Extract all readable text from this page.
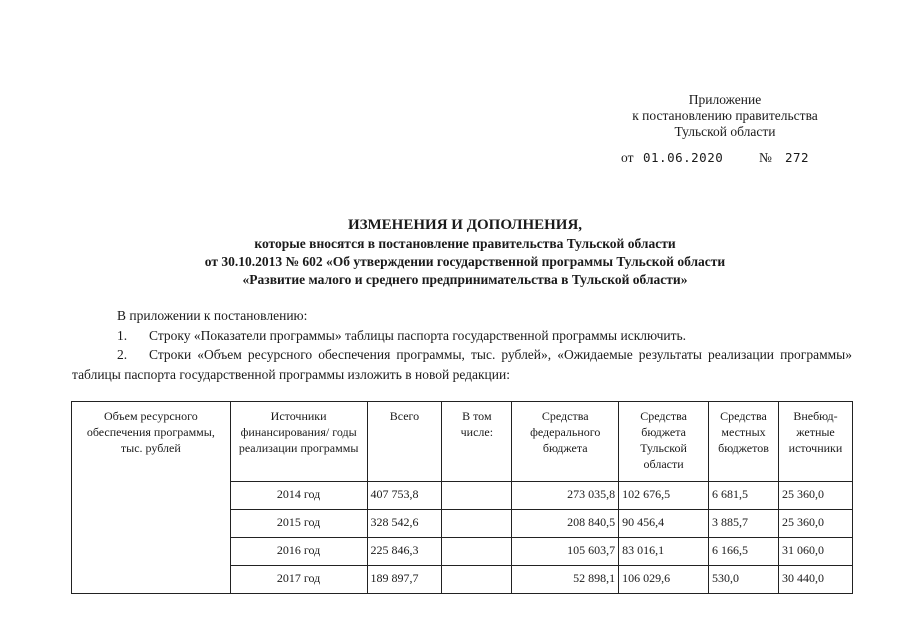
Приложение
к постановлению правительства
Тульской области
от 01.06.2020	№ 272
ИЗМЕНЕНИЯ И ДОПОЛНЕНИЯ,
которые вносятся в постановление правительства Тульской области
от 30.10.2013 № 602 «Об утверждении государственной программы Тульской области
«Развитие малого и среднего предпринимательства в Тульской области»
В приложении к постановлению:
1. Строку «Показатели программы» таблицы паспорта государственной программы исключить.
2. Строки «Объем ресурсного обеспечения программы, тыс. рублей», «Ожидаемые результаты реализации программы» таблицы паспорта государственной программы изложить в новой редакции:
Объем ресурсного обеспечения программы, тыс. рублей	Источники финансирования/ годы реализации программы	Всего	В том числе:	Средства федерального бюджета	Средства бюджета Тульской области	Средства местных бюджетов	Внебюд-жетные источники
	2014 год	407 753,8		273 035,8	102 676,5	6 681,5	25 360,0
	2015 год	328 542,6		208 840,5	90 456,4	3 885,7	25 360,0
	2016 год	225 846,3		105 603,7	83 016,1	6 166,5	31 060,0
	2017 год	189 897,7		52 898,1	106 029,6	530,0	30 440,0
